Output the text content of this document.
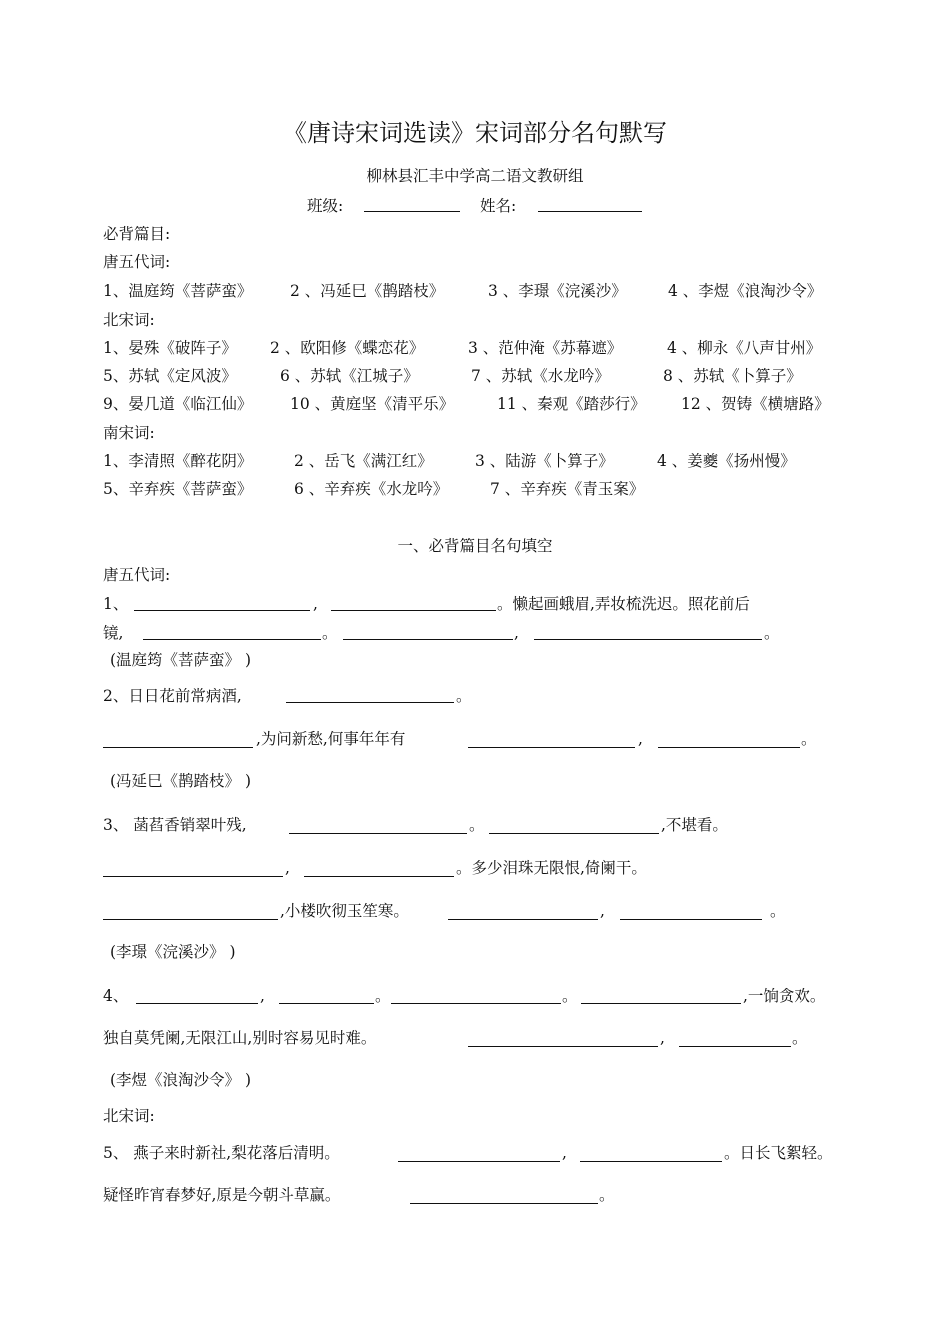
《唐诗宋词选读》宋词部分名句默写
柳林县汇丰中学高二语文教研组
班级:	姓名:
必背篇目:
唐五代词:
1、温庭筠《菩萨蛮》 2 、冯延巳《鹊踏枝》	3 、李璟《浣溪沙》	4 、李煜《浪淘沙令》
北宋词:
1、晏殊《破阵子》 2 、欧阳修《蝶恋花》	3 、范仲淹《苏幕遮》	4 、柳永《八声甘州》
5、苏轼《定风波》	6 、苏轼《江城子》	7 、苏轼《水龙吟》	8 、苏轼《卜算子》
9、晏几道《临江仙》 10 、黄庭坚《清平乐》	11 、秦观《踏莎行》 12 、贺铸《横塘路》
南宋词:
1、李清照《醉花阴》	2 、岳飞《满江红》	3 、陆游《卜算子》	4 、姜夔《扬州慢》
5、辛弃疾《菩萨蛮》	6 、辛弃疾《水龙吟》	7 、辛弃疾《青玉案》
一、必背篇目名句填空
唐五代词:
1、	,	。懒起画蛾眉,弄妆梳洗迟。照花前后
镜,	。	,	。
(温庭筠《菩萨蛮》 )
2、日日花前常病酒,	。
,为问新愁,何事年年有	,	。
(冯延巳《鹊踏枝》 )
3、 菡萏香销翠叶残,	。	,不堪看。
,	。多少泪珠无限恨,倚阑干。
,小楼吹彻玉笙寒。	,	。
(李璟《浣溪沙》 )
4、	,	。	。	,一饷贪欢。
独自莫凭阑,无限江山,别时容易见时难。	,	。
(李煜《浪淘沙令》 )
北宋词:
5、 燕子来时新社,梨花落后清明。	,	。日长飞絮轻。
疑怪昨宵春梦好,原是今朝斗草赢。	。
